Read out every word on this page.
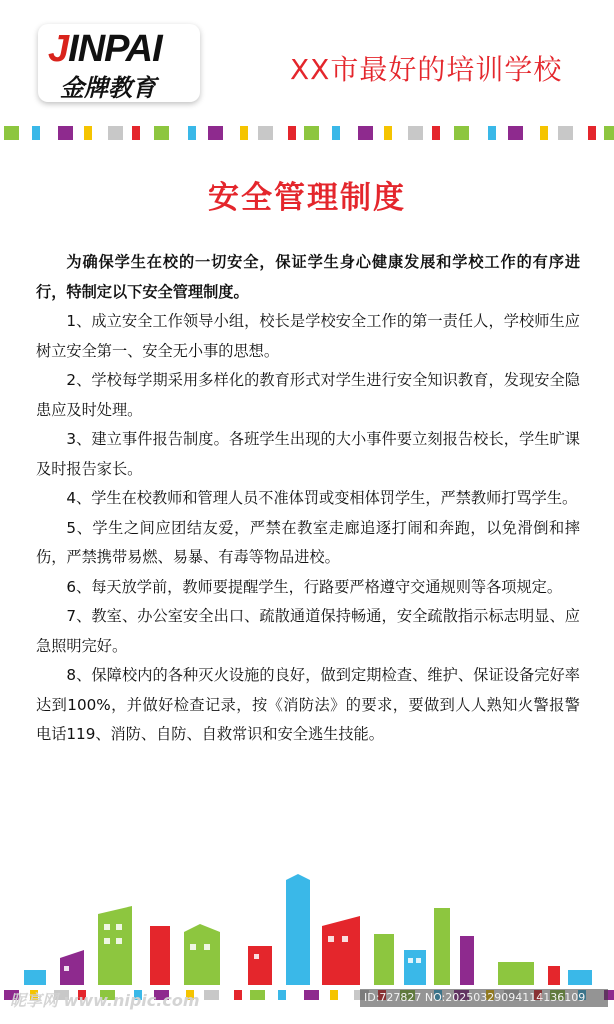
JINPAI
金牌教育
XX市最好的培训学校
安全管理制度

为确保学生在校的一切安全，保证学生身心健康发展和学校工作的有序进行，特制定以下安全管理制度。

1、成立安全工作领导小组，校长是学校安全工作的第一责任人，学校师生应树立安全第一、安全无小事的思想。

2、学校每学期采用多样化的教育形式对学生进行安全知识教育，发现安全隐患应及时处理。

3、建立事件报告制度。各班学生出现的大小事件要立刻报告校长，学生旷课及时报告家长。

4、学生在校教师和管理人员不准体罚或变相体罚学生，严禁教师打骂学生。

5、学生之间应团结友爱，严禁在教室走廊追逐打闹和奔跑，以免滑倒和摔伤，严禁携带易燃、易暴、有毒等物品进校。

6、每天放学前，教师要提醒学生，行路要严格遵守交通规则等各项规定。

7、教室、办公室安全出口、疏散通道保持畅通，安全疏散指示标志明显、应急照明完好。

8、保障校内的各种灭火设施的良好，做到定期检查、维护、保证设备完好率达到100%，并做好检查记录，按《消防法》的要求，要做到人人熟知火警报警电话119、消防、自防、自救常识和安全逃生技能。

昵享网 www.nipic.com	ID:727827 NO:20250329094114136109
